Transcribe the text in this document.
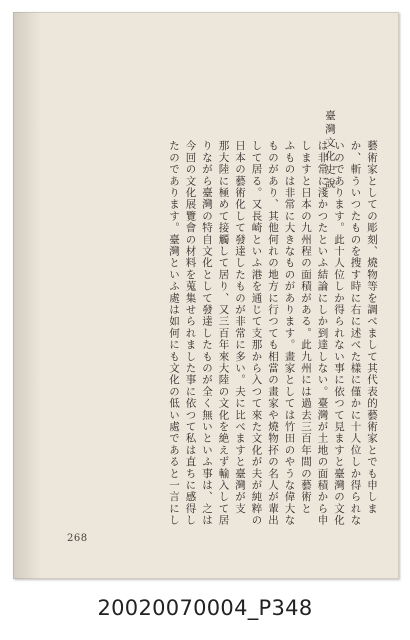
臺灣文化史說	藝術家としての彫刻、燒物等を調べまして其代表的藝術家とでも申しま
か、斬ういつたものを搜す時に右に述べた樣に僅かに十人位しか得られな
いのであります。此十人位しか得られない事に依つて見ますと臺灣の文化
は非常に淺かつたといふ結論にしか到達しない。臺灣が土地の面積から申
しますと日本の九州程の面積がある。此九州には過去三百年間の藝術と
ふものは非常に大きなものがあります。畫家としては竹田のやうな偉大な
ものがあり、其他何れの地方に行つても相當の畫家や燒物抔の名人が輩出
して居る。又長崎といふ港を通じて支那から入つて來た文化が夫が純粹の
日本の藝術化して發達したものが非常に多い。夫に比べますと臺灣が支
那大陸に極めて接觸して居り、又三百年來大陸の文化を絶えず輸入して居
りながら臺灣の特自文化として發達したものが全く無いといふ事は、之は
今回の文化展覽會の材料を蒐集せられました事に依つて私は直ちに感得し
たのであります。臺灣といふ處は如何にも文化の低い處であると一言にし
268
20020070004_P348
